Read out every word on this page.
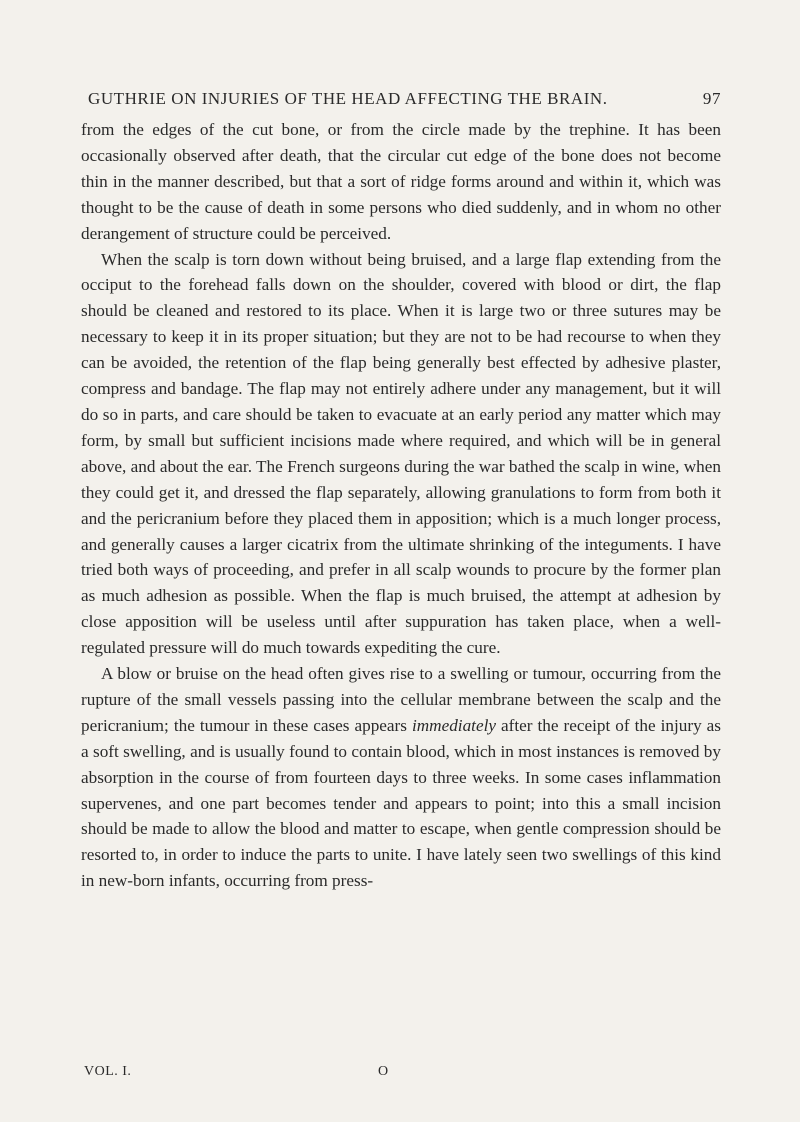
GUTHRIE ON INJURIES OF THE HEAD AFFECTING THE BRAIN.	97

from the edges of the cut bone, or from the circle made by the trephine. It has been occasionally observed after death, that the circular cut edge of the bone does not become thin in the manner described, but that a sort of ridge forms around and within it, which was thought to be the cause of death in some persons who died suddenly, and in whom no other derangement of structure could be perceived.

When the scalp is torn down without being bruised, and a large flap extending from the occiput to the forehead falls down on the shoulder, covered with blood or dirt, the flap should be cleaned and restored to its place. When it is large two or three sutures may be necessary to keep it in its proper situation; but they are not to be had recourse to when they can be avoided, the retention of the flap being generally best effected by adhesive plaster, compress and bandage. The flap may not entirely adhere under any management, but it will do so in parts, and care should be taken to evacuate at an early period any matter which may form, by small but sufficient incisions made where required, and which will be in general above, and about the ear. The French surgeons during the war bathed the scalp in wine, when they could get it, and dressed the flap separately, allowing granulations to form from both it and the pericranium before they placed them in apposition; which is a much longer process, and generally causes a larger cicatrix from the ultimate shrinking of the integuments. I have tried both ways of proceeding, and prefer in all scalp wounds to procure by the former plan as much adhesion as possible. When the flap is much bruised, the attempt at adhesion by close apposition will be useless until after suppuration has taken place, when a well-regulated pressure will do much towards expediting the cure.

A blow or bruise on the head often gives rise to a swelling or tumour, occurring from the rupture of the small vessels passing into the cellular membrane between the scalp and the pericranium; the tumour in these cases appears immediately after the receipt of the injury as a soft swelling, and is usually found to contain blood, which in most instances is removed by absorption in the course of from fourteen days to three weeks. In some cases inflammation supervenes, and one part becomes tender and appears to point; into this a small incision should be made to allow the blood and matter to escape, when gentle compression should be resorted to, in order to induce the parts to unite. I have lately seen two swellings of this kind in new-born infants, occurring from press-

VOL. I.	O
